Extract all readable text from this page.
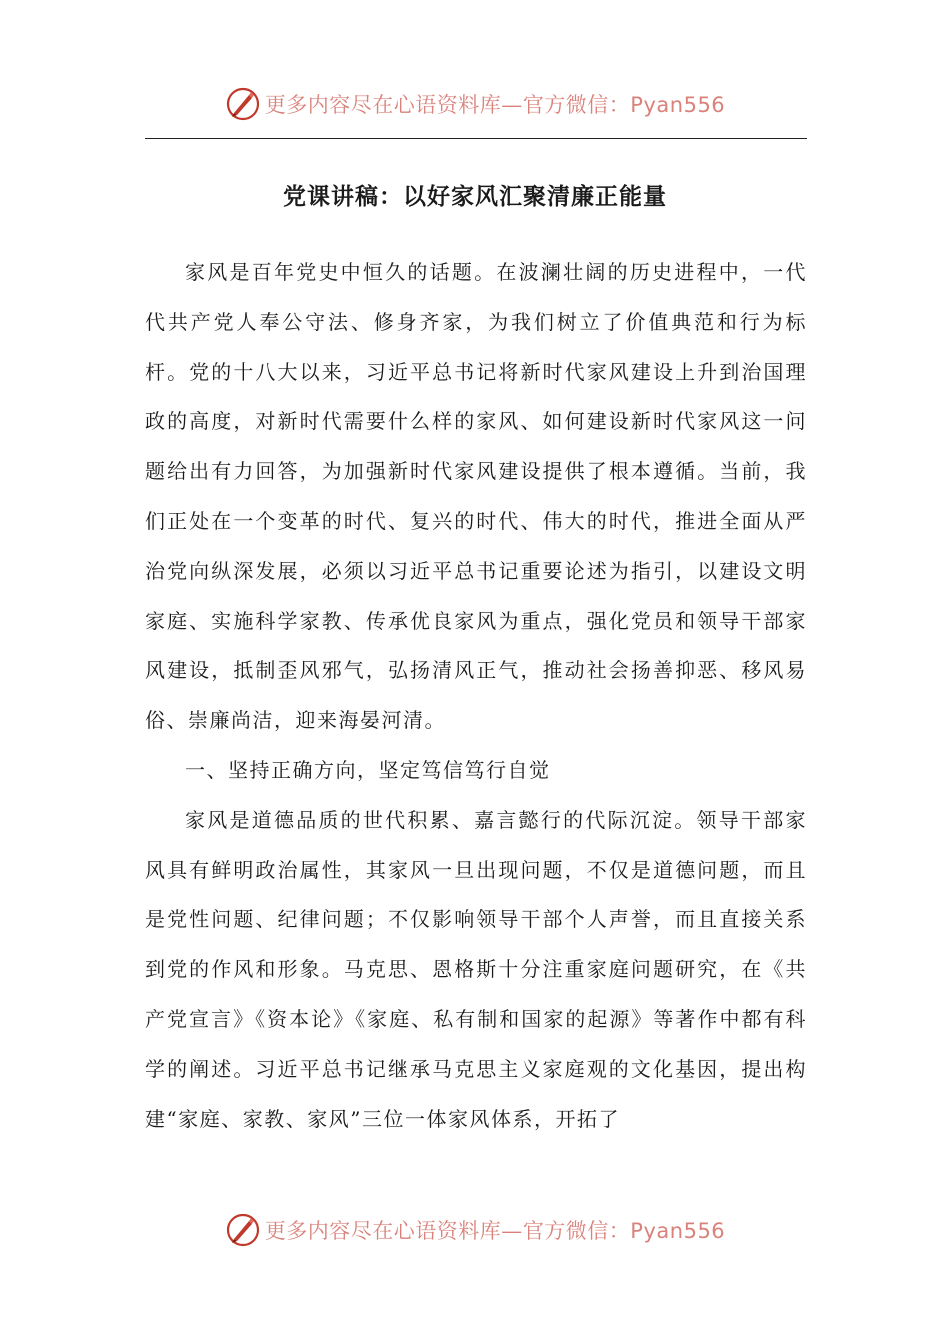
更多内容尽在心语资料库—官方微信：Pyan556
党课讲稿：以好家风汇聚清廉正能量

家风是百年党史中恒久的话题。在波澜壮阔的历史进程中，一代代共产党人奉公守法、修身齐家，为我们树立了价值典范和行为标杆。党的十八大以来，习近平总书记将新时代家风建设上升到治国理政的高度，对新时代需要什么样的家风、如何建设新时代家风这一问题给出有力回答，为加强新时代家风建设提供了根本遵循。当前，我们正处在一个变革的时代、复兴的时代、伟大的时代，推进全面从严治党向纵深发展，必须以习近平总书记重要论述为指引，以建设文明家庭、实施科学家教、传承优良家风为重点，强化党员和领导干部家风建设，抵制歪风邪气，弘扬清风正气，推动社会扬善抑恶、移风易俗、崇廉尚洁，迎来海晏河清。

一、坚持正确方向，坚定笃信笃行自觉

家风是道德品质的世代积累、嘉言懿行的代际沉淀。领导干部家风具有鲜明政治属性，其家风一旦出现问题，不仅是道德问题，而且是党性问题、纪律问题；不仅影响领导干部个人声誉，而且直接关系到党的作风和形象。马克思、恩格斯十分注重家庭问题研究，在《共产党宣言》《资本论》《家庭、私有制和国家的起源》等著作中都有科学的阐述。习近平总书记继承马克思主义家庭观的文化基因，提出构建“家庭、家教、家风”三位一体家风体系，开拓了

更多内容尽在心语资料库—官方微信：Pyan556
